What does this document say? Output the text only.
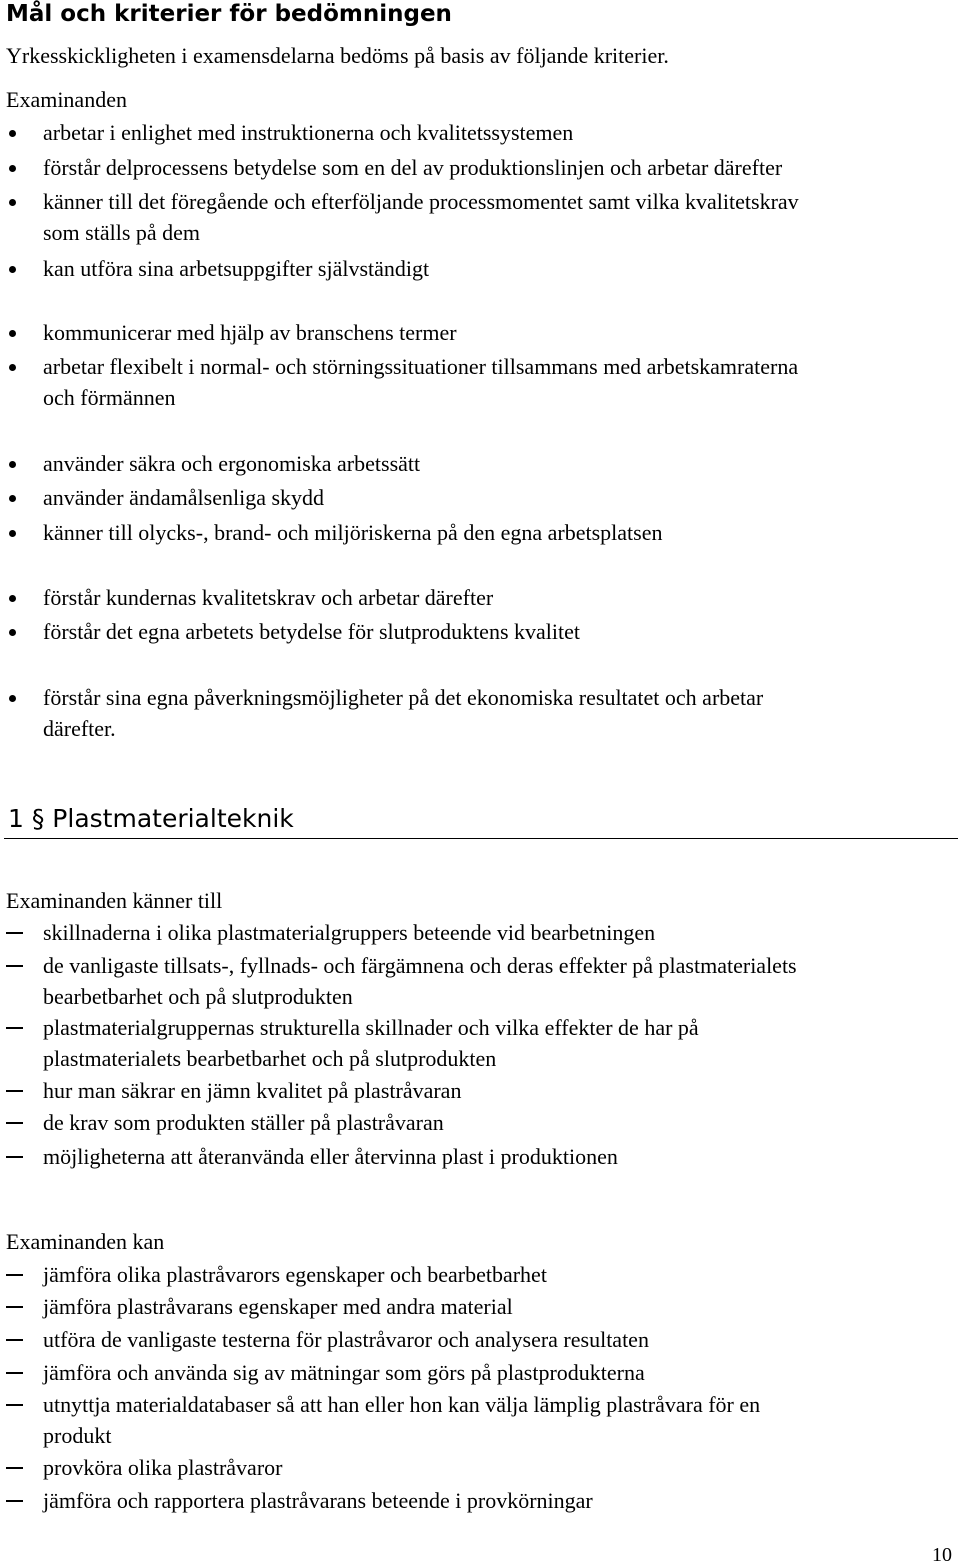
Mål och kriterier för bedömningen
Yrkesskickligheten i examensdelarna bedöms på basis av följande kriterier.
Examinanden
arbetar i enlighet med instruktionerna och kvalitetssystemen
förstår delprocessens betydelse som en del av produktionslinjen och arbetar därefter
känner till det föregående och efterföljande processmomentet samt vilka kvalitetskrav
som ställs på dem
kan utföra sina arbetsuppgifter självständigt
kommunicerar med hjälp av branschens termer
arbetar flexibelt i normal- och störningssituationer tillsammans med arbetskamraterna
och förmännen
använder säkra och ergonomiska arbetssätt
använder ändamålsenliga skydd
känner till olycks-, brand- och miljöriskerna på den egna arbetsplatsen
förstår kundernas kvalitetskrav och arbetar därefter
förstår det egna arbetets betydelse för slutproduktens kvalitet
förstår sina egna påverkningsmöjligheter på det ekonomiska resultatet och arbetar
därefter.
1 § Plastmaterialteknik
Examinanden känner till
skillnaderna i olika plastmaterialgruppers beteende vid bearbetningen
de vanligaste tillsats-, fyllnads- och färgämnena och deras effekter på plastmaterialets
bearbetbarhet och på slutprodukten
plastmaterialgruppernas strukturella skillnader och vilka effekter de har på
plastmaterialets bearbetbarhet och på slutprodukten
hur man säkrar en jämn kvalitet på plastråvaran
de krav som produkten ställer på plastråvaran
möjligheterna att återanvända eller återvinna plast i produktionen
Examinanden kan
jämföra olika plastråvarors egenskaper och bearbetbarhet
jämföra plastråvarans egenskaper med andra material
utföra de vanligaste testerna för plastråvaror och analysera resultaten
jämföra och använda sig av mätningar som görs på plastprodukterna
utnyttja materialdatabaser så att han eller hon kan välja lämplig plastråvara för en
produkt
provköra olika plastråvaror
jämföra och rapportera plastråvarans beteende i provkörningar
10
